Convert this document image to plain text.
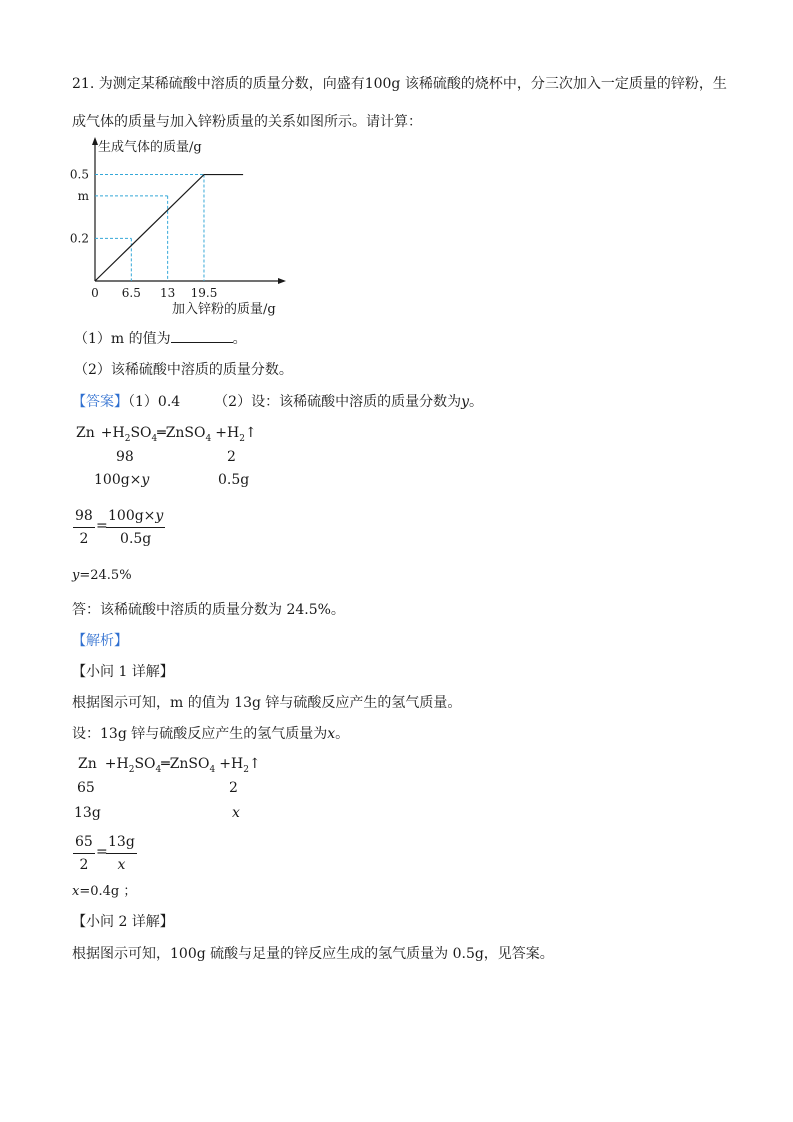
21. 为测定某稀硫酸中溶质的质量分数，向盛有100g 该稀硫酸的烧杯中，分三次加入一定质量的锌粉，生
成气体的质量与加入锌粉质量的关系如图所示。请计算：
0.2
m
0.5
0 6.5 13 19.5
生成气体的质量/g
加入锌粉的质量/g
（1）m 的值为	。
（2）该稀硫酸中溶质的质量分数。
【答案】（1）0.4 （2）设：该稀硫酸中溶质的质量分数为y。
$Zn +H_2SO_4═ZnSO_4$ $+H_2↑$
98	2
100g×y	0.5g
$\frac{98}{2}$ =
$\frac{100g\times y}{0.5g}$
y=24.5%
答：该稀硫酸中溶质的质量分数为 24.5%。
【解析】
【小问 1 详解】
根据图示可知，m 的值为 13g 锌与硫酸反应产生的氢气质量。
设：13g 锌与硫酸反应产生的氢气质量为x。
$Zn +H_2SO_4═ZnSO_4$ $+H_2↑$
65	2
13g	x
$\frac{65}{2}$ =
$\frac{13g}{x}$
x=0.4g ；
【小问 2 详解】
根据图示可知，100g 硫酸与足量的锌反应生成的氢气质量为 0.5g，见答案。
